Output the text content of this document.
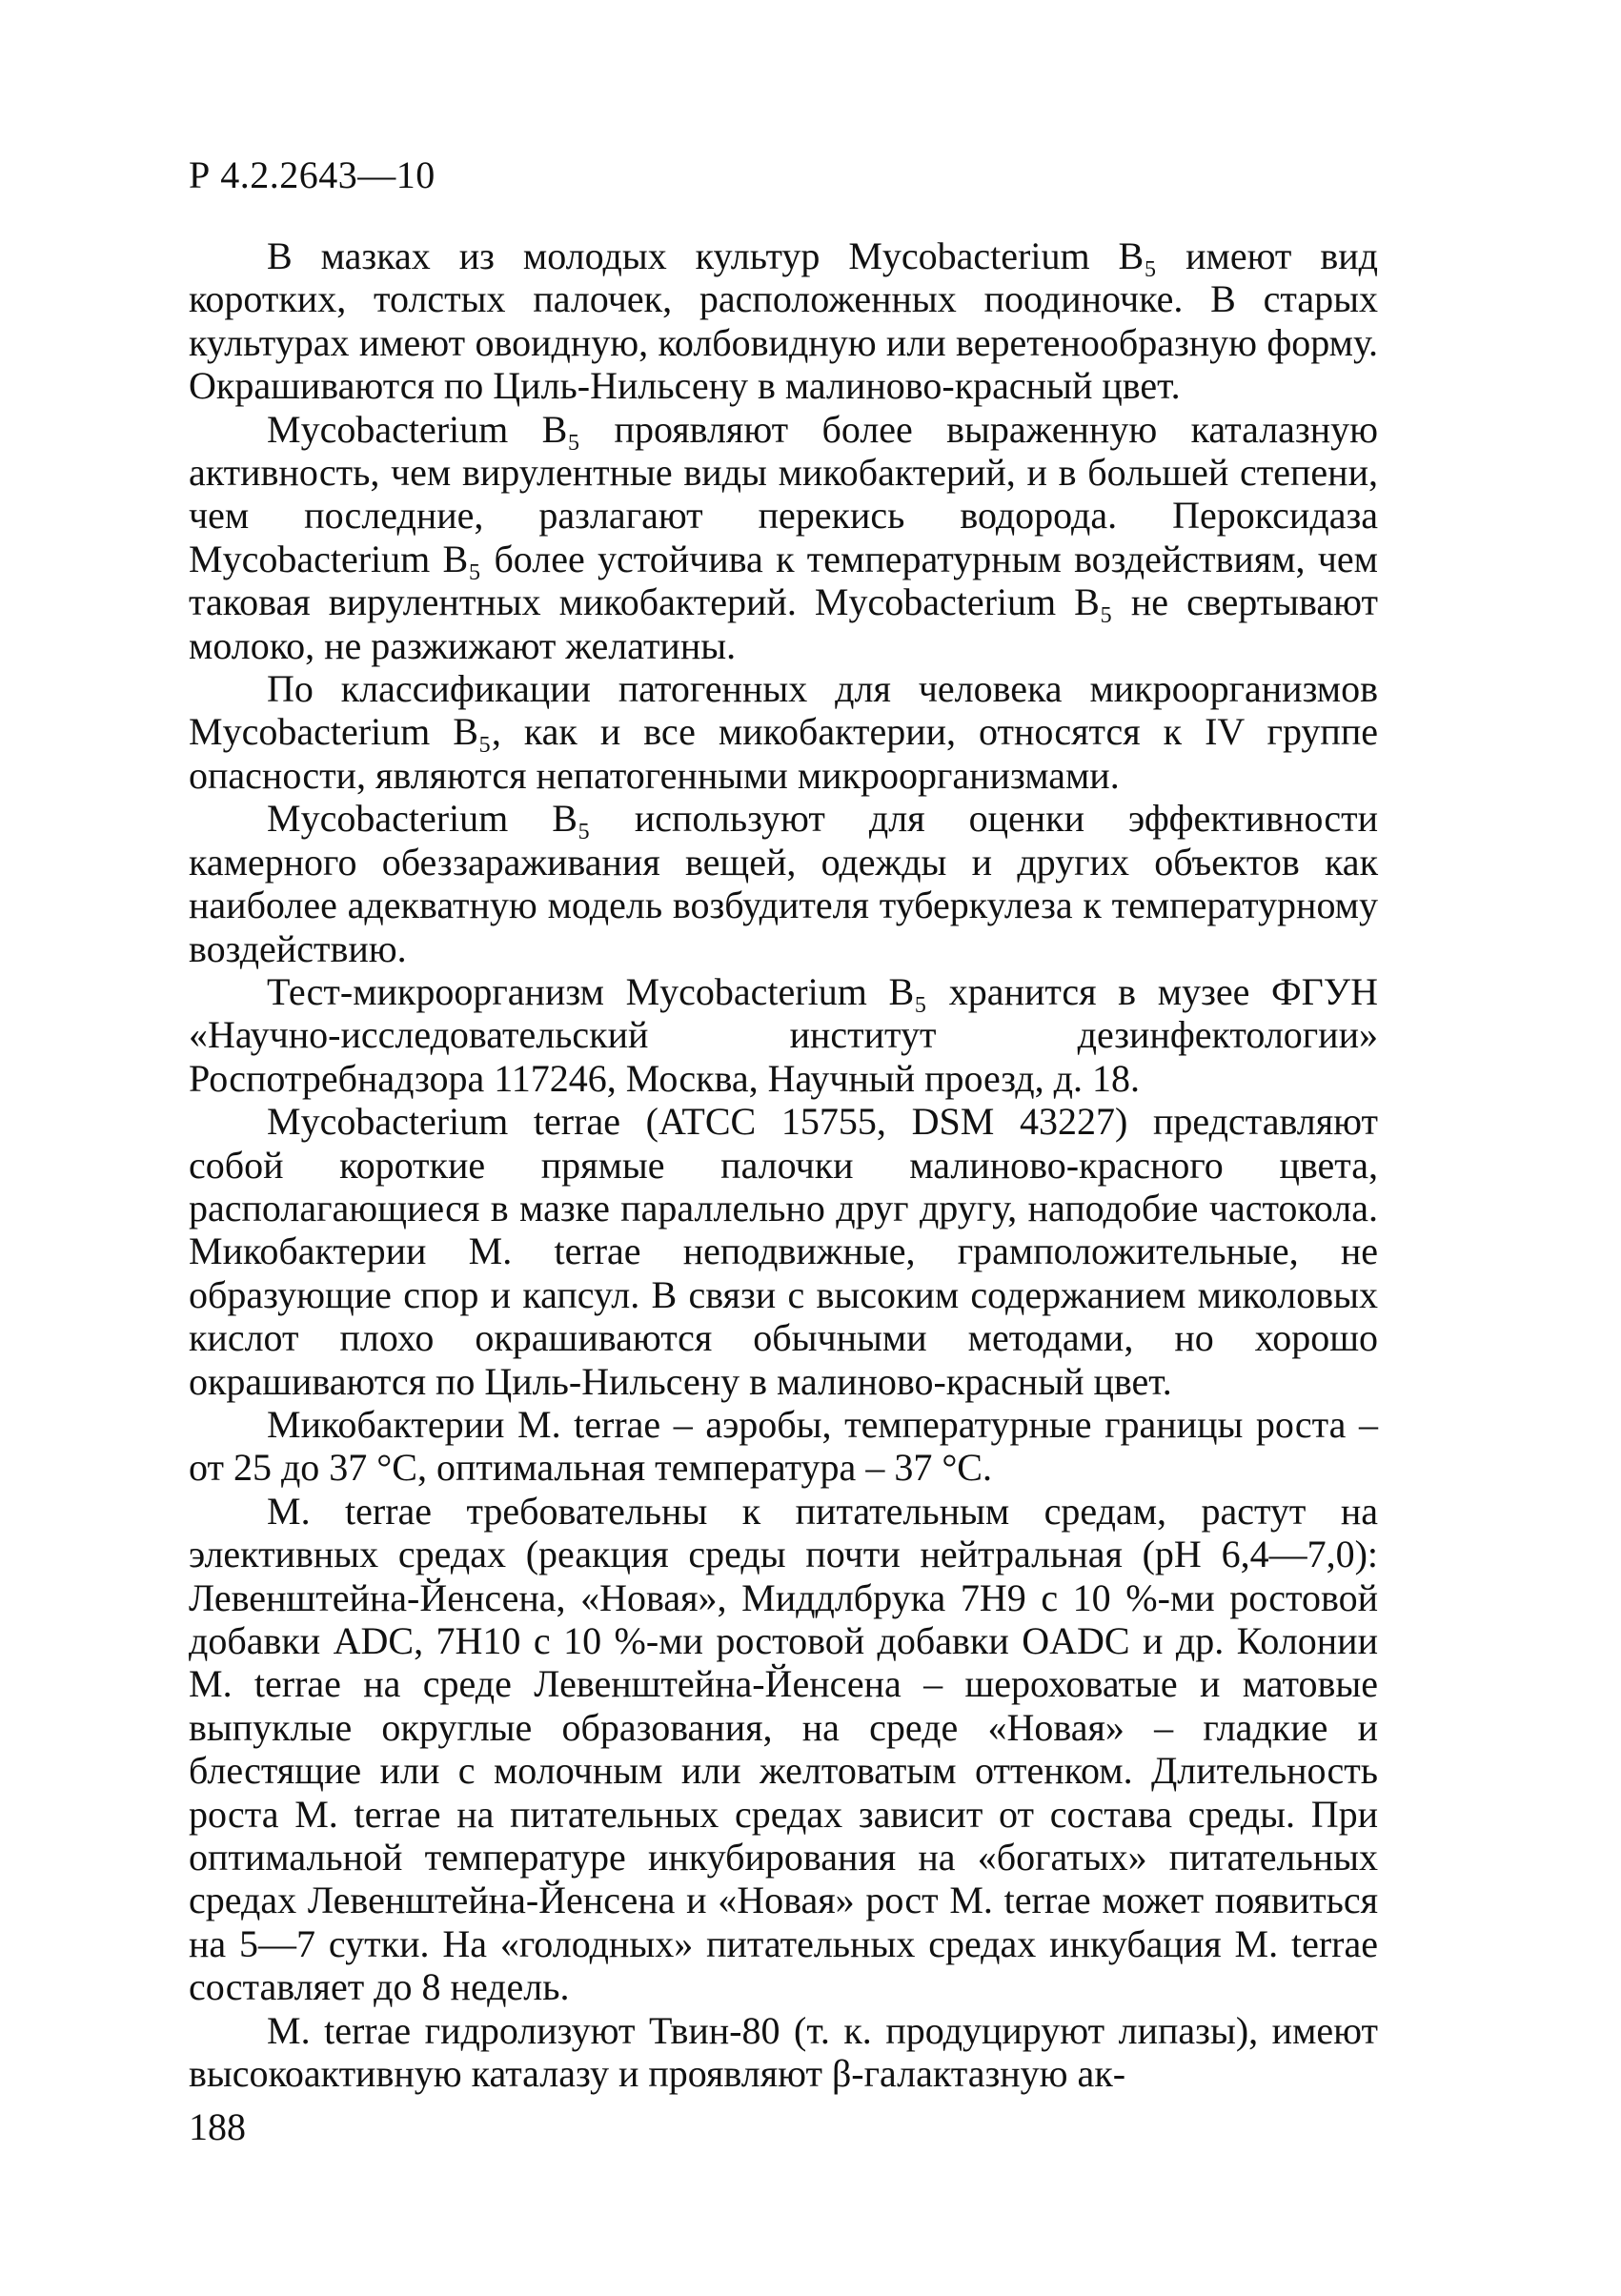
Р 4.2.2643—10

В мазках из молодых культур Mycobacterium B₅ имеют вид коротких, толстых палочек, расположенных поодиночке. В старых культурах имеют овоидную, колбовидную или веретенообразную форму. Окрашиваются по Циль-Нильсену в малиново-красный цвет.

Mycobacterium B₅ проявляют более выраженную каталазную активность, чем вирулентные виды микобактерий, и в большей степени, чем последние, разлагают перекись водорода. Пероксидаза Mycobacterium B₅ более устойчива к температурным воздействиям, чем таковая вирулентных микобактерий. Mycobacterium B₅ не свертывают молоко, не разжижают желатины.

По классификации патогенных для человека микроорганизмов Mycobacterium B₅, как и все микобактерии, относятся к IV группе опасности, являются непатогенными микроорганизмами.

Mycobacterium B₅ используют для оценки эффективности камерного обеззараживания вещей, одежды и других объектов как наиболее адекватную модель возбудителя туберкулеза к температурному воздействию.

Тест-микроорганизм Mycobacterium B₅ хранится в музее ФГУН «Научно-исследовательский институт дезинфектологии» Роспотребнадзора 117246, Москва, Научный проезд, д. 18.

Mycobacterium terrae (ATCC 15755, DSM 43227) представляют собой короткие прямые палочки малиново-красного цвета, располагающиеся в мазке параллельно друг другу, наподобие частокола. Микобактерии M. terrae неподвижные, грамположительные, не образующие спор и капсул. В связи с высоким содержанием миколовых кислот плохо окрашиваются обычными методами, но хорошо окрашиваются по Циль-Нильсену в малиново-красный цвет.

Микобактерии M. terrae – аэробы, температурные границы роста – от 25 до 37 °С, оптимальная температура – 37 °С.

M. terrae требовательны к питательным средам, растут на элективных средах (реакция среды почти нейтральная (рН 6,4—7,0): Левенштейна-Йенсена, «Новая», Миддлбрука 7Н9 с 10 %-ми ростовой добавки ADC, 7H10 с 10 %-ми ростовой добавки OADC и др. Колонии M. terrae на среде Левенштейна-Йенсена – шероховатые и матовые выпуклые округлые образования, на среде «Новая» – гладкие и блестящие или с молочным или желтоватым оттенком. Длительность роста M. terrae на питательных средах зависит от состава среды. При оптимальной температуре инкубирования на «богатых» питательных средах Левенштейна-Йенсена и «Новая» рост M. terrae может появиться на 5—7 сутки. На «голодных» питательных средах инкубация M. terrae составляет до 8 недель.

M. terrae гидролизуют Твин-80 (т. к. продуцируют липазы), имеют высокоактивную каталазу и проявляют β-галактазную ак-

188
